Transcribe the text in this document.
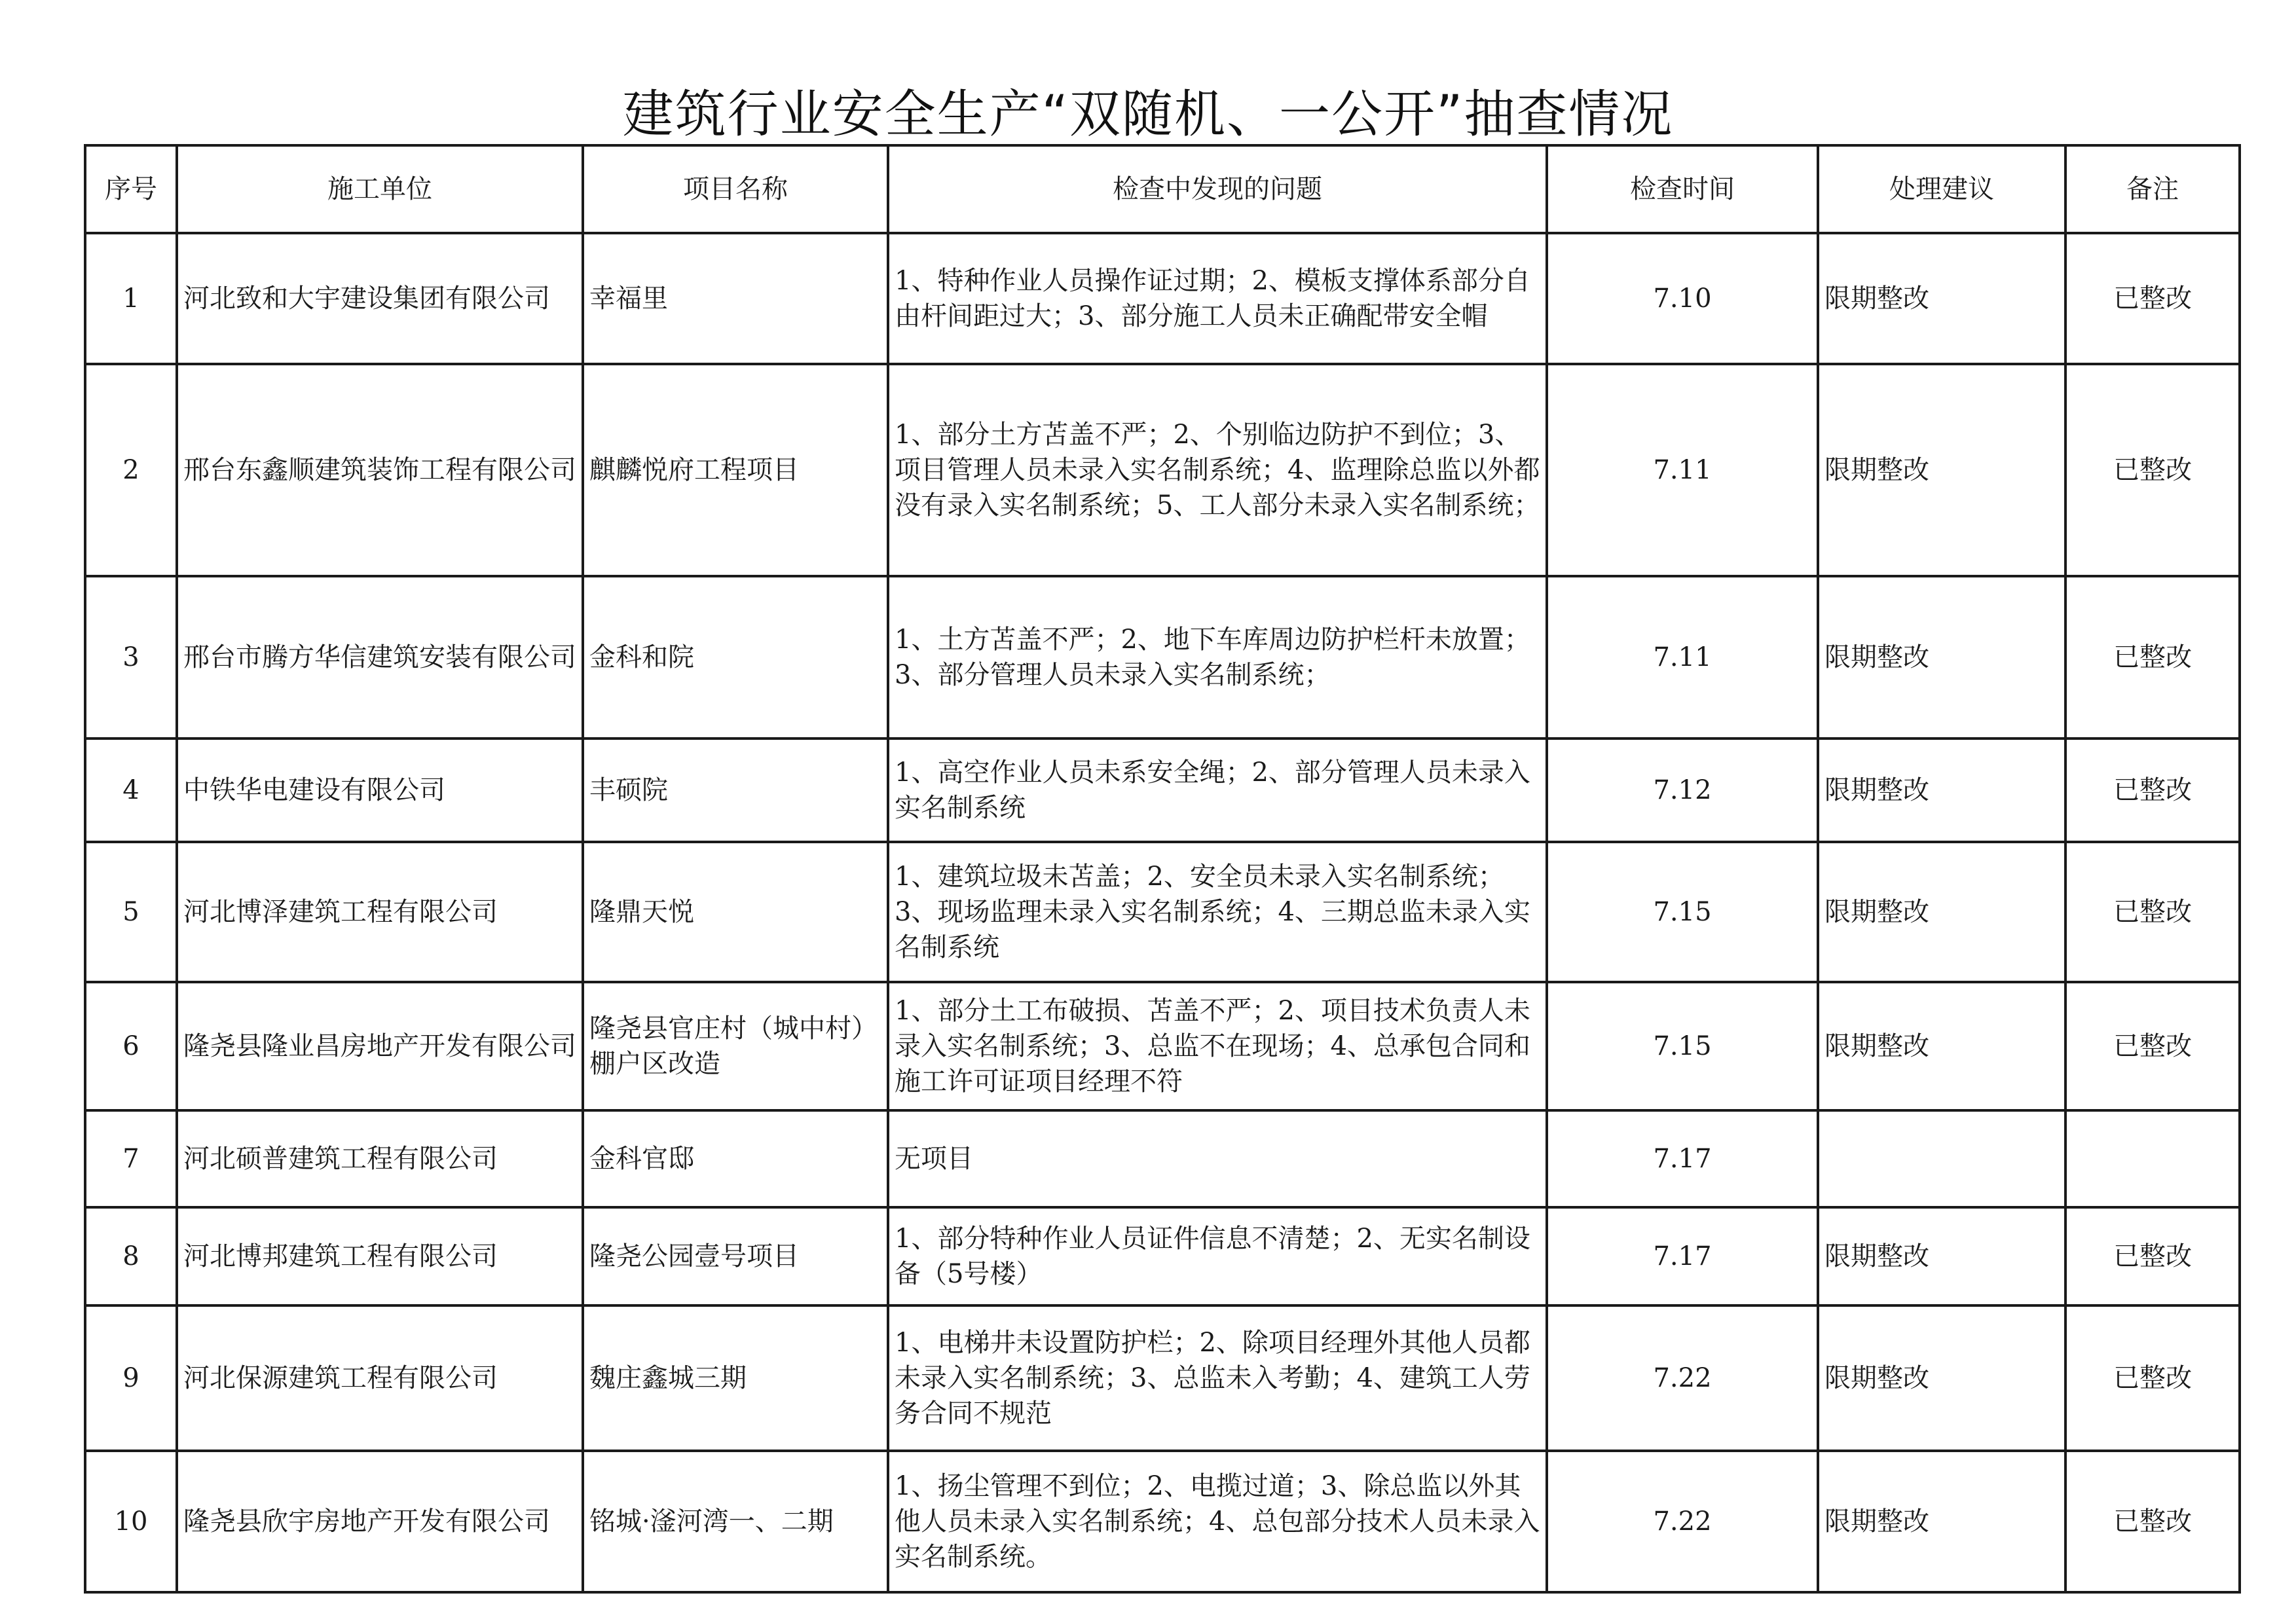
建筑行业安全生产“双随机、一公开”抽查情况
序号	施工单位	项目名称	检查中发现的问题	检查时间	处理建议	备注
1	河北致和大宇建设集团有限公司	幸福里	1、特种作业人员操作证过期；2、模板支撑体系部分自由杆间距过大；3、部分施工人员未正确配带安全帽	7.10	限期整改	已整改
2	邢台东鑫顺建筑装饰工程有限公司	麒麟悦府工程项目	1、部分土方苫盖不严；2、个别临边防护不到位；3、项目管理人员未录入实名制系统；4、监理除总监以外都没有录入实名制系统；5、工人部分未录入实名制系统；	7.11	限期整改	已整改
3	邢台市腾方华信建筑安装有限公司	金科和院	1、土方苫盖不严；2、地下车库周边防护栏杆未放置；3、部分管理人员未录入实名制系统；	7.11	限期整改	已整改
4	中铁华电建设有限公司	丰硕院	1、高空作业人员未系安全绳；2、部分管理人员未录入实名制系统	7.12	限期整改	已整改
5	河北博泽建筑工程有限公司	隆鼎天悦	1、建筑垃圾未苫盖；2、安全员未录入实名制系统；3、现场监理未录入实名制系统；4、三期总监未录入实名制系统	7.15	限期整改	已整改
6	隆尧县隆业昌房地产开发有限公司	隆尧县官庄村（城中村）棚户区改造	1、部分土工布破损、苫盖不严；2、项目技术负责人未录入实名制系统；3、总监不在现场；4、总承包合同和施工许可证项目经理不符	7.15	限期整改	已整改
7	河北硕普建筑工程有限公司	金科官邸	无项目	7.17		
8	河北博邦建筑工程有限公司	隆尧公园壹号项目	1、部分特种作业人员证件信息不清楚；2、无实名制设备（5号楼）	7.17	限期整改	已整改
9	河北保源建筑工程有限公司	魏庄鑫城三期	1、电梯井未设置防护栏；2、除项目经理外其他人员都未录入实名制系统；3、总监未入考勤；4、建筑工人劳务合同不规范	7.22	限期整改	已整改
10	隆尧县欣宇房地产开发有限公司	铭城·滏河湾一、二期	1、扬尘管理不到位；2、电揽过道；3、除总监以外其他人员未录入实名制系统；4、总包部分技术人员未录入实名制系统。	7.22	限期整改	已整改
